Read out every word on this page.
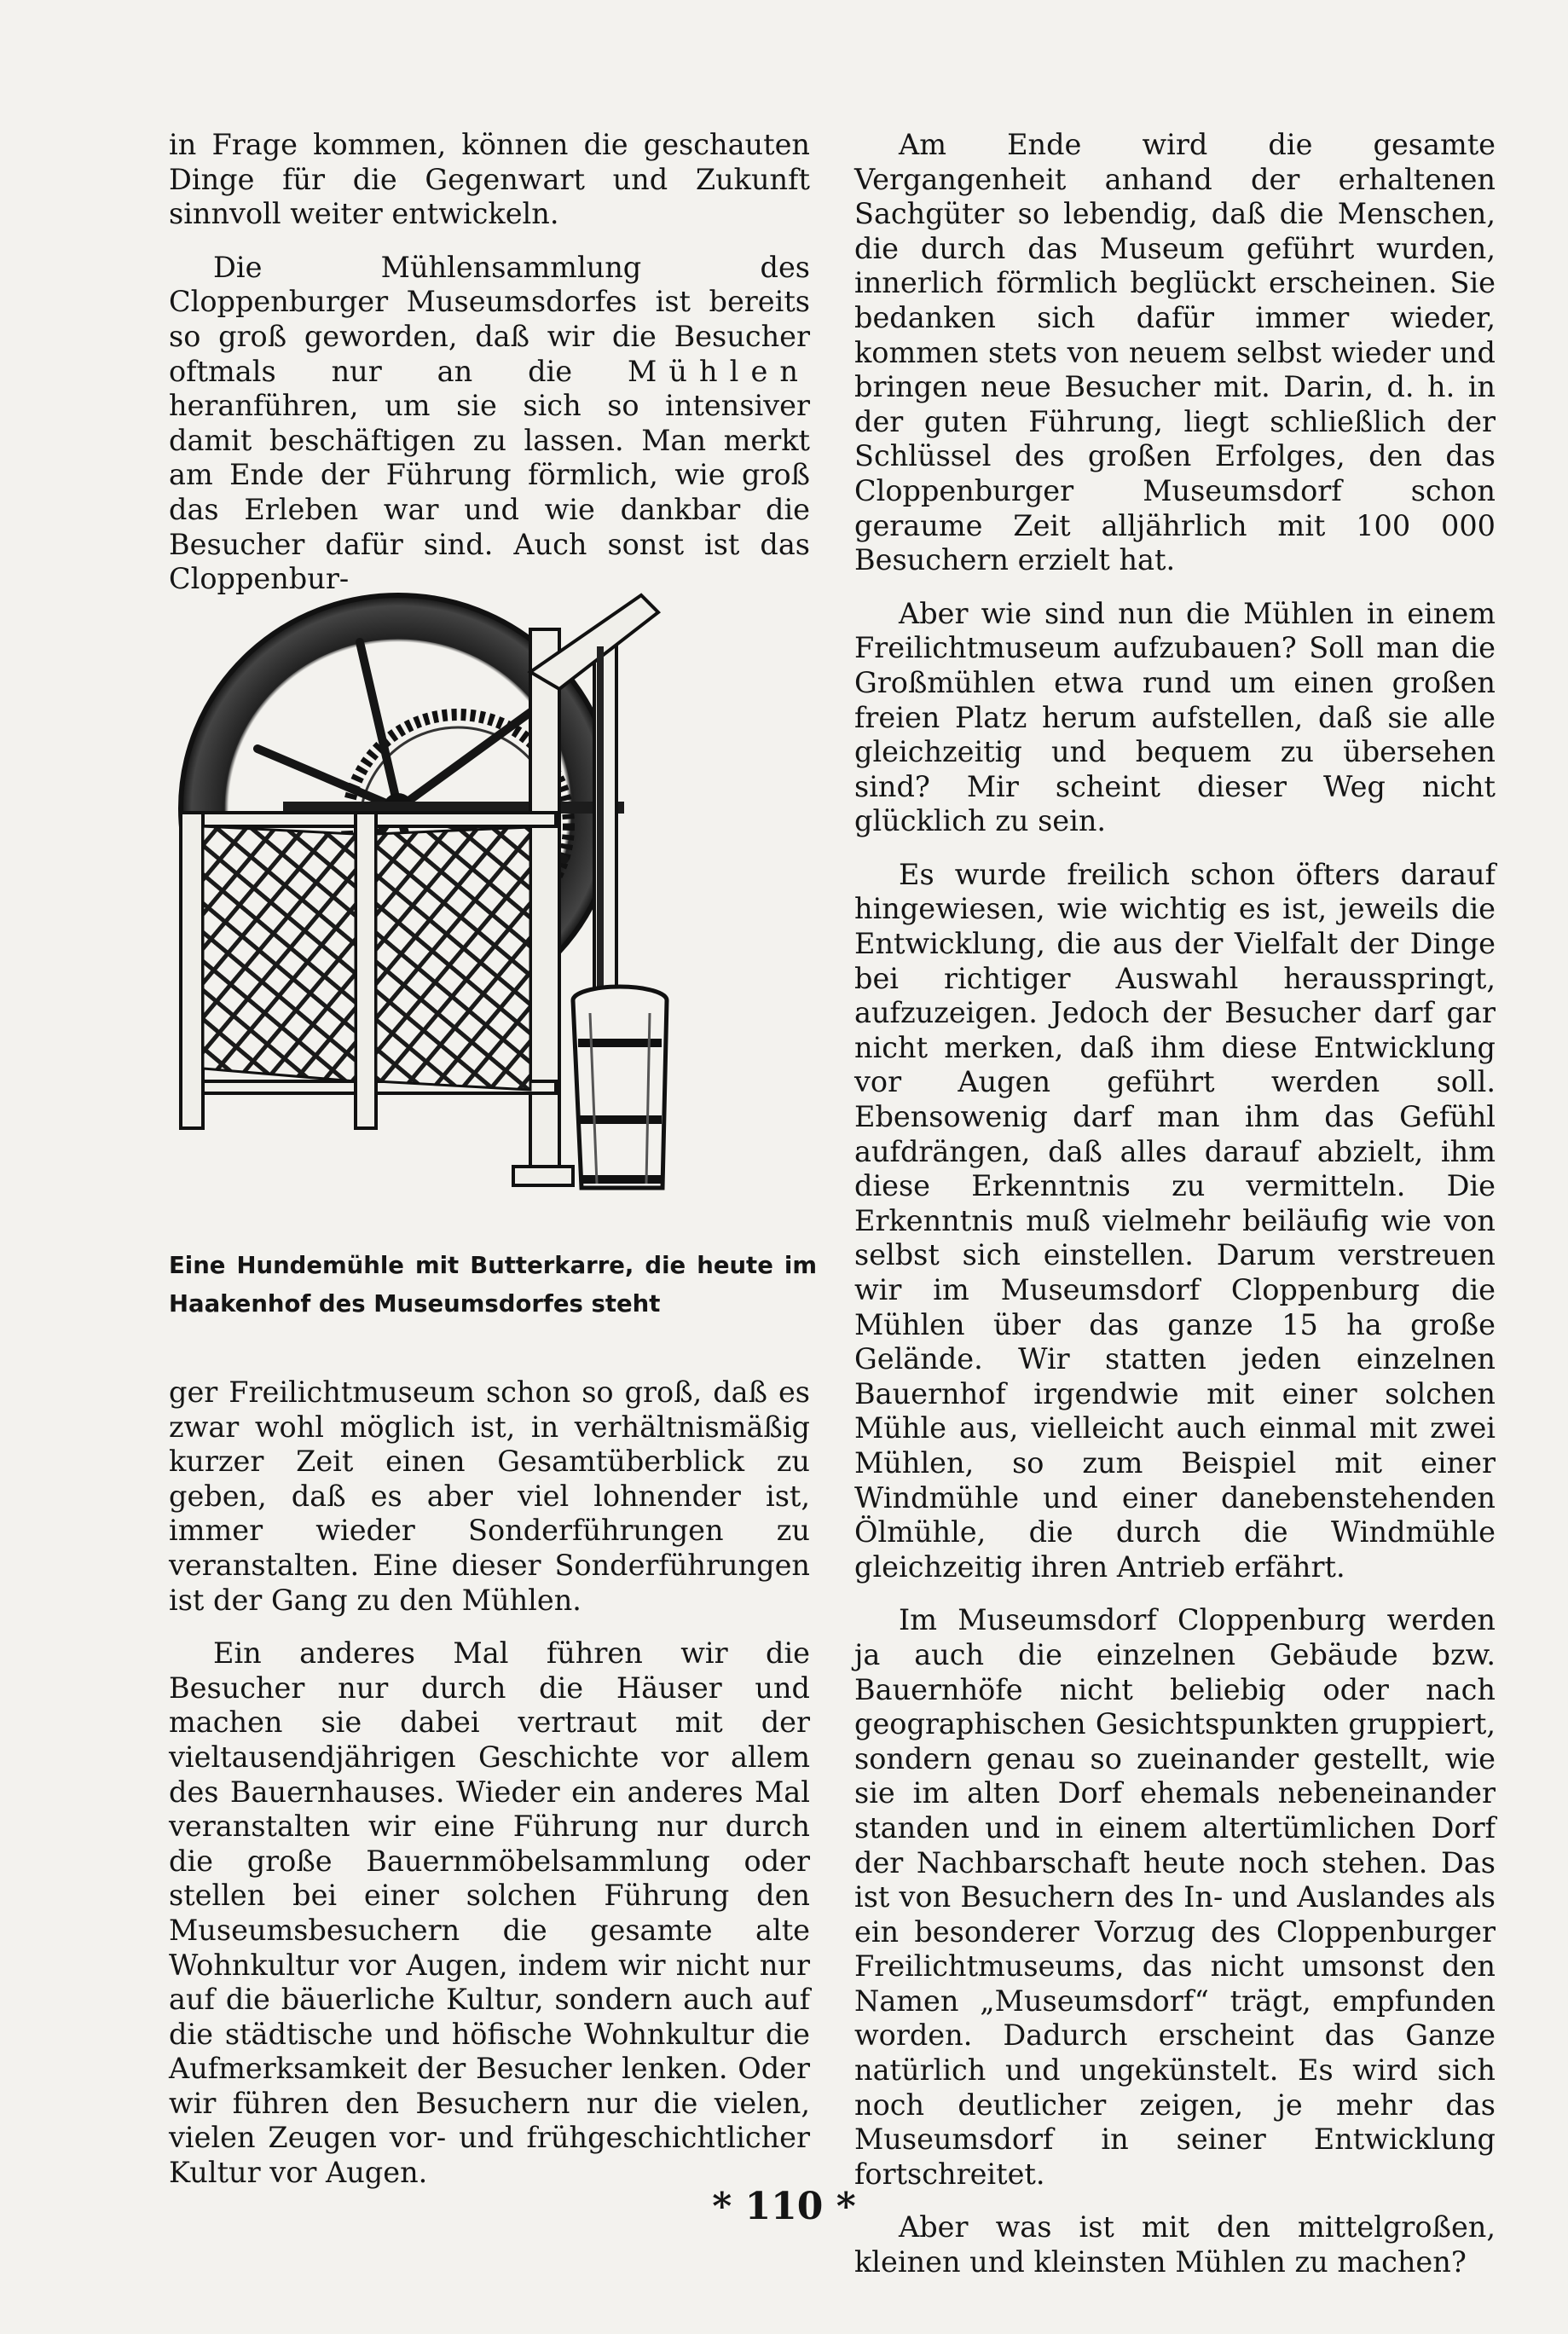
in Frage kommen, können die geschauten Dinge für die Gegenwart und Zukunft sinnvoll weiter entwickeln.

Die Mühlensammlung des Cloppenburger Museumsdorfes ist bereits so groß geworden, daß wir die Besucher oftmals nur an die Mühlen heranführen, um sie sich so intensiver damit beschäftigen zu lassen. Man merkt am Ende der Führung förmlich, wie groß das Erleben war und wie dankbar die Besucher dafür sind. Auch sonst ist das Cloppenbur-

Eine Hundemühle mit Butterkarre, die heute im Haakenhof des Museumsdorfes steht

ger Freilichtmuseum schon so groß, daß es zwar wohl möglich ist, in verhältnismäßig kurzer Zeit einen Gesamtüberblick zu geben, daß es aber viel lohnender ist, immer wieder Sonderführungen zu veranstalten. Eine dieser Sonderführungen ist der Gang zu den Mühlen.

Ein anderes Mal führen wir die Besucher nur durch die Häuser und machen sie dabei vertraut mit der vieltausendjährigen Geschichte vor allem des Bauernhauses. Wieder ein anderes Mal veranstalten wir eine Führung nur durch die große Bauernmöbelsammlung oder stellen bei einer solchen Führung den Museumsbesuchern die gesamte alte Wohnkultur vor Augen, indem wir nicht nur auf die bäuerliche Kultur, sondern auch auf die städtische und höfische Wohnkultur die Aufmerksamkeit der Besucher lenken. Oder wir führen den Besuchern nur die vielen, vielen Zeugen vor- und frühgeschichtlicher Kultur vor Augen.

Am Ende wird die gesamte Vergangenheit anhand der erhaltenen Sachgüter so lebendig, daß die Menschen, die durch das Museum geführt wurden, innerlich förmlich beglückt erscheinen. Sie bedanken sich dafür immer wieder, kommen stets von neuem selbst wieder und bringen neue Besucher mit. Darin, d. h. in der guten Führung, liegt schließlich der Schlüssel des großen Erfolges, den das Cloppenburger Museumsdorf schon geraume Zeit alljährlich mit 100 000 Besuchern erzielt hat.

Aber wie sind nun die Mühlen in einem Freilichtmuseum aufzubauen? Soll man die Großmühlen etwa rund um einen großen freien Platz herum aufstellen, daß sie alle gleichzeitig und bequem zu übersehen sind? Mir scheint dieser Weg nicht glücklich zu sein.

Es wurde freilich schon öfters darauf hingewiesen, wie wichtig es ist, jeweils die Entwicklung, die aus der Vielfalt der Dinge bei richtiger Auswahl herausspringt, aufzuzeigen. Jedoch der Besucher darf gar nicht merken, daß ihm diese Entwicklung vor Augen geführt werden soll. Ebensowenig darf man ihm das Gefühl aufdrängen, daß alles darauf abzielt, ihm diese Erkenntnis zu vermitteln. Die Erkenntnis muß vielmehr beiläufig wie von selbst sich einstellen. Darum verstreuen wir im Museumsdorf Cloppenburg die Mühlen über das ganze 15 ha große Gelände. Wir statten jeden einzelnen Bauernhof irgendwie mit einer solchen Mühle aus, vielleicht auch einmal mit zwei Mühlen, so zum Beispiel mit einer Windmühle und einer danebenstehenden Ölmühle, die durch die Windmühle gleichzeitig ihren Antrieb erfährt.

Im Museumsdorf Cloppenburg werden ja auch die einzelnen Gebäude bzw. Bauernhöfe nicht beliebig oder nach geographischen Gesichtspunkten gruppiert, sondern genau so zueinander gestellt, wie sie im alten Dorf ehemals nebeneinander standen und in einem altertümlichen Dorf der Nachbarschaft heute noch stehen. Das ist von Besuchern des In- und Auslandes als ein besonderer Vorzug des Cloppenburger Freilichtmuseums, das nicht umsonst den Namen „Museumsdorf“ trägt, empfunden worden. Dadurch erscheint das Ganze natürlich und ungekünstelt. Es wird sich noch deutlicher zeigen, je mehr das Museumsdorf in seiner Entwicklung fortschreitet.

Aber was ist mit den mittelgroßen, kleinen und kleinsten Mühlen zu machen?

* 110 *
